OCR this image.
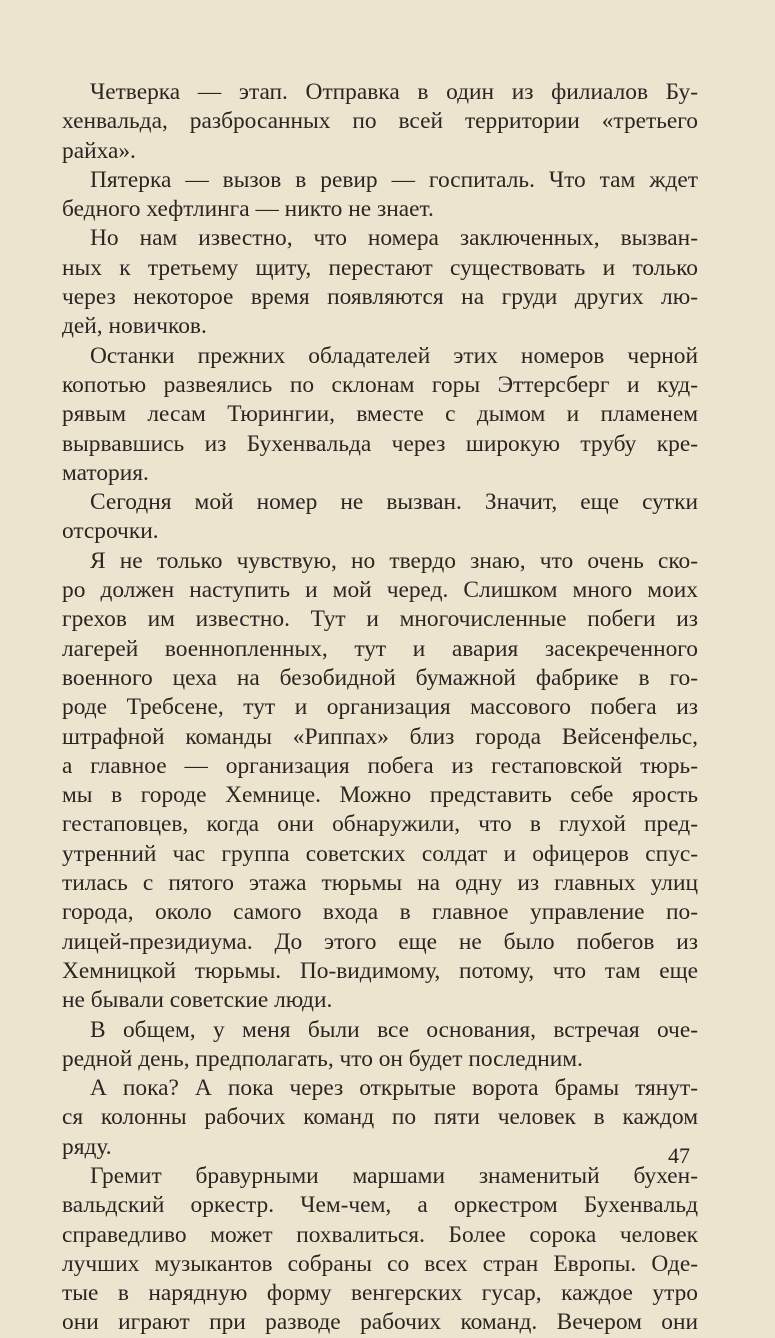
Четверка — этап. Отправка в один из филиалов Бу-
хенвальда, разбросанных по всей территории «третьего
райха».
Пятерка — вызов в ревир — госпиталь. Что там ждет
бедного хефтлинга — никто не знает.
Но нам известно, что номера заключенных, вызван-
ных к третьему щиту, перестают существовать и только
через некоторое время появляются на груди других лю-
дей, новичков.
Останки прежних обладателей этих номеров черной
копотью развеялись по склонам горы Эттерсберг и куд-
рявым лесам Тюрингии, вместе с дымом и пламенем
вырвавшись из Бухенвальда через широкую трубу кре-
матория.
Сегодня мой номер не вызван. Значит, еще сутки
отсрочки.
Я не только чувствую, но твердо знаю, что очень ско-
ро должен наступить и мой черед. Слишком много моих
грехов им известно. Тут и многочисленные побеги из
лагерей военнопленных, тут и авария засекреченного
военного цеха на безобидной бумажной фабрике в го-
роде Требсене, тут и организация массового побега из
штрафной команды «Риппах» близ города Вейсенфельс,
а главное — организация побега из гестаповской тюрь-
мы в городе Хемнице. Можно представить себе ярость
гестаповцев, когда они обнаружили, что в глухой пред-
утренний час группа советских солдат и офицеров спус-
тилась с пятого этажа тюрьмы на одну из главных улиц
города, около самого входа в главное управление по-
лицей-президиума. До этого еще не было побегов из
Хемницкой тюрьмы. По-видимому, потому, что там еще
не бывали советские люди.
В общем, у меня были все основания, встречая оче-
редной день, предполагать, что он будет последним.
А пока? А пока через открытые ворота брамы тянут-
ся колонны рабочих команд по пяти человек в каждом
ряду.
Гремит бравурными маршами знаменитый бухен-
вальдский оркестр. Чем-чем, а оркестром Бухенвальд
справедливо может похвалиться. Более сорока человек
лучших музыкантов собраны со всех стран Европы. Оде-
тые в нарядную форму венгерских гусар, каждое утро
они играют при разводе рабочих команд. Вечером они
47
